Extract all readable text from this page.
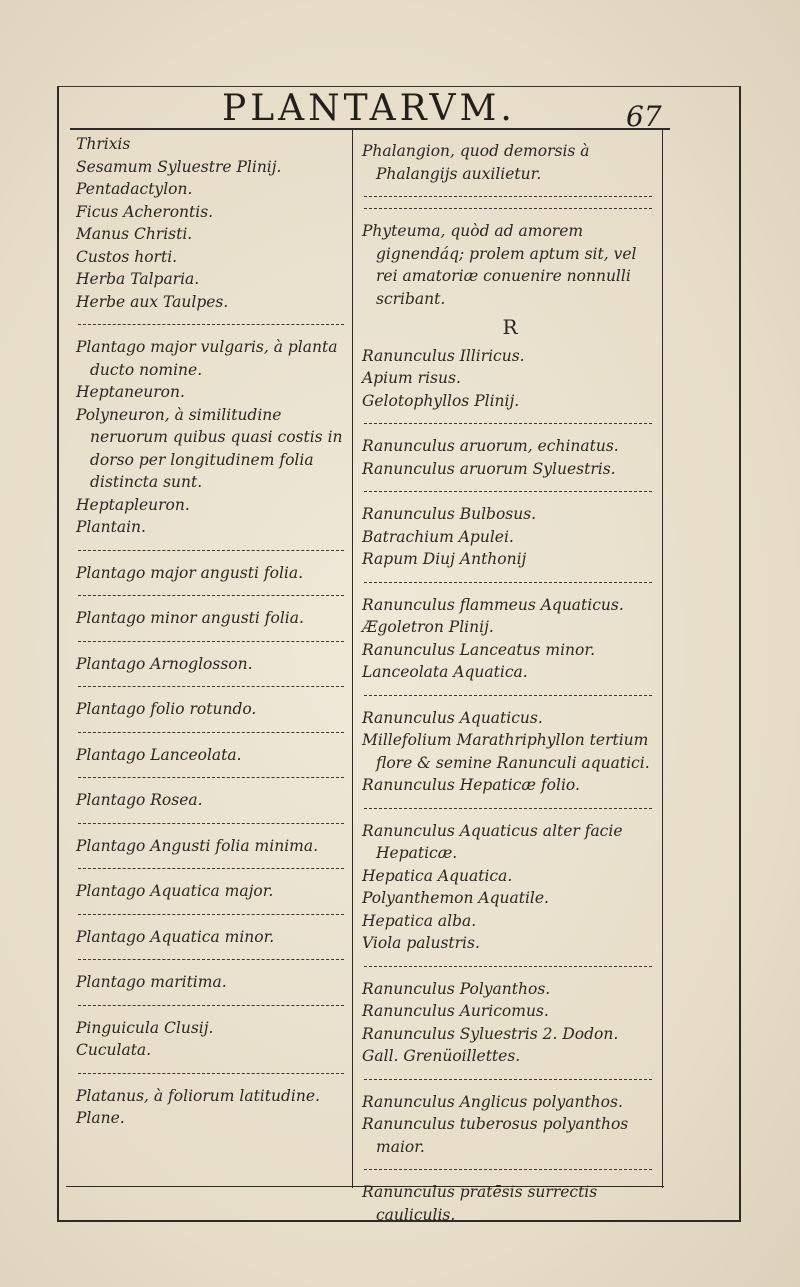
PLANTARVM.	67

Thrixis

Sesamum Syluestre Plinij.

Pentadactylon.

Ficus Acherontis.

Manus Christi.

Custos horti.

Herba Talparia.

Herbe aux Taulpes.

Plantago major vulgaris, à planta ducto nomine.

Heptaneuron.

Polyneuron, à similitudine neruorum quibus quasi costis in dorso per longitudinem folia distincta sunt.

Heptapleuron.

Plantain.

Plantago major angusti folia.

Plantago minor angusti folia.

Plantago Arnoglosson.

Plantago folio rotundo.

Plantago Lanceolata.

Plantago Rosea.

Plantago Angusti folia minima.

Plantago Aquatica major.

Plantago Aquatica minor.

Plantago maritima.

Pinguicula Clusij.

Cuculata.

Platanus, à foliorum latitudine.

Plane.

Phalangion, quod demorsis à Phalangijs auxilietur.

Phyteuma, quòd ad amorem gignendáq; prolem aptum sit, vel rei amatoriæ conuenire nonnulli scribant.

R

Ranunculus Illiricus.

Apium risus.

Gelotophyllos Plinij.

Ranunculus aruorum, echinatus.

Ranunculus aruorum Syluestris.

Ranunculus Bulbosus.

Batrachium Apulei.

Rapum Diuj Anthonij

Ranunculus flammeus Aquaticus.

Ægoletron Plinij.

Ranunculus Lanceatus minor.

Lanceolata Aquatica.

Ranunculus Aquaticus.

Millefolium Marathriphyllon tertium flore & semine Ranunculi aquatici.

Ranunculus Hepaticæ folio.

Ranunculus Aquaticus alter facie Hepaticæ.

Hepatica Aquatica.

Polyanthemon Aquatile.

Hepatica alba.

Viola palustris.

Ranunculus Polyanthos.

Ranunculus Auricomus.

Ranunculus Syluestris 2. Dodon.

Gall. Grenüoillettes.

Ranunculus Anglicus polyanthos.

Ranunculus tuberosus polyanthos maior.

Ranunculus pratēsis surrectis cauliculis.
